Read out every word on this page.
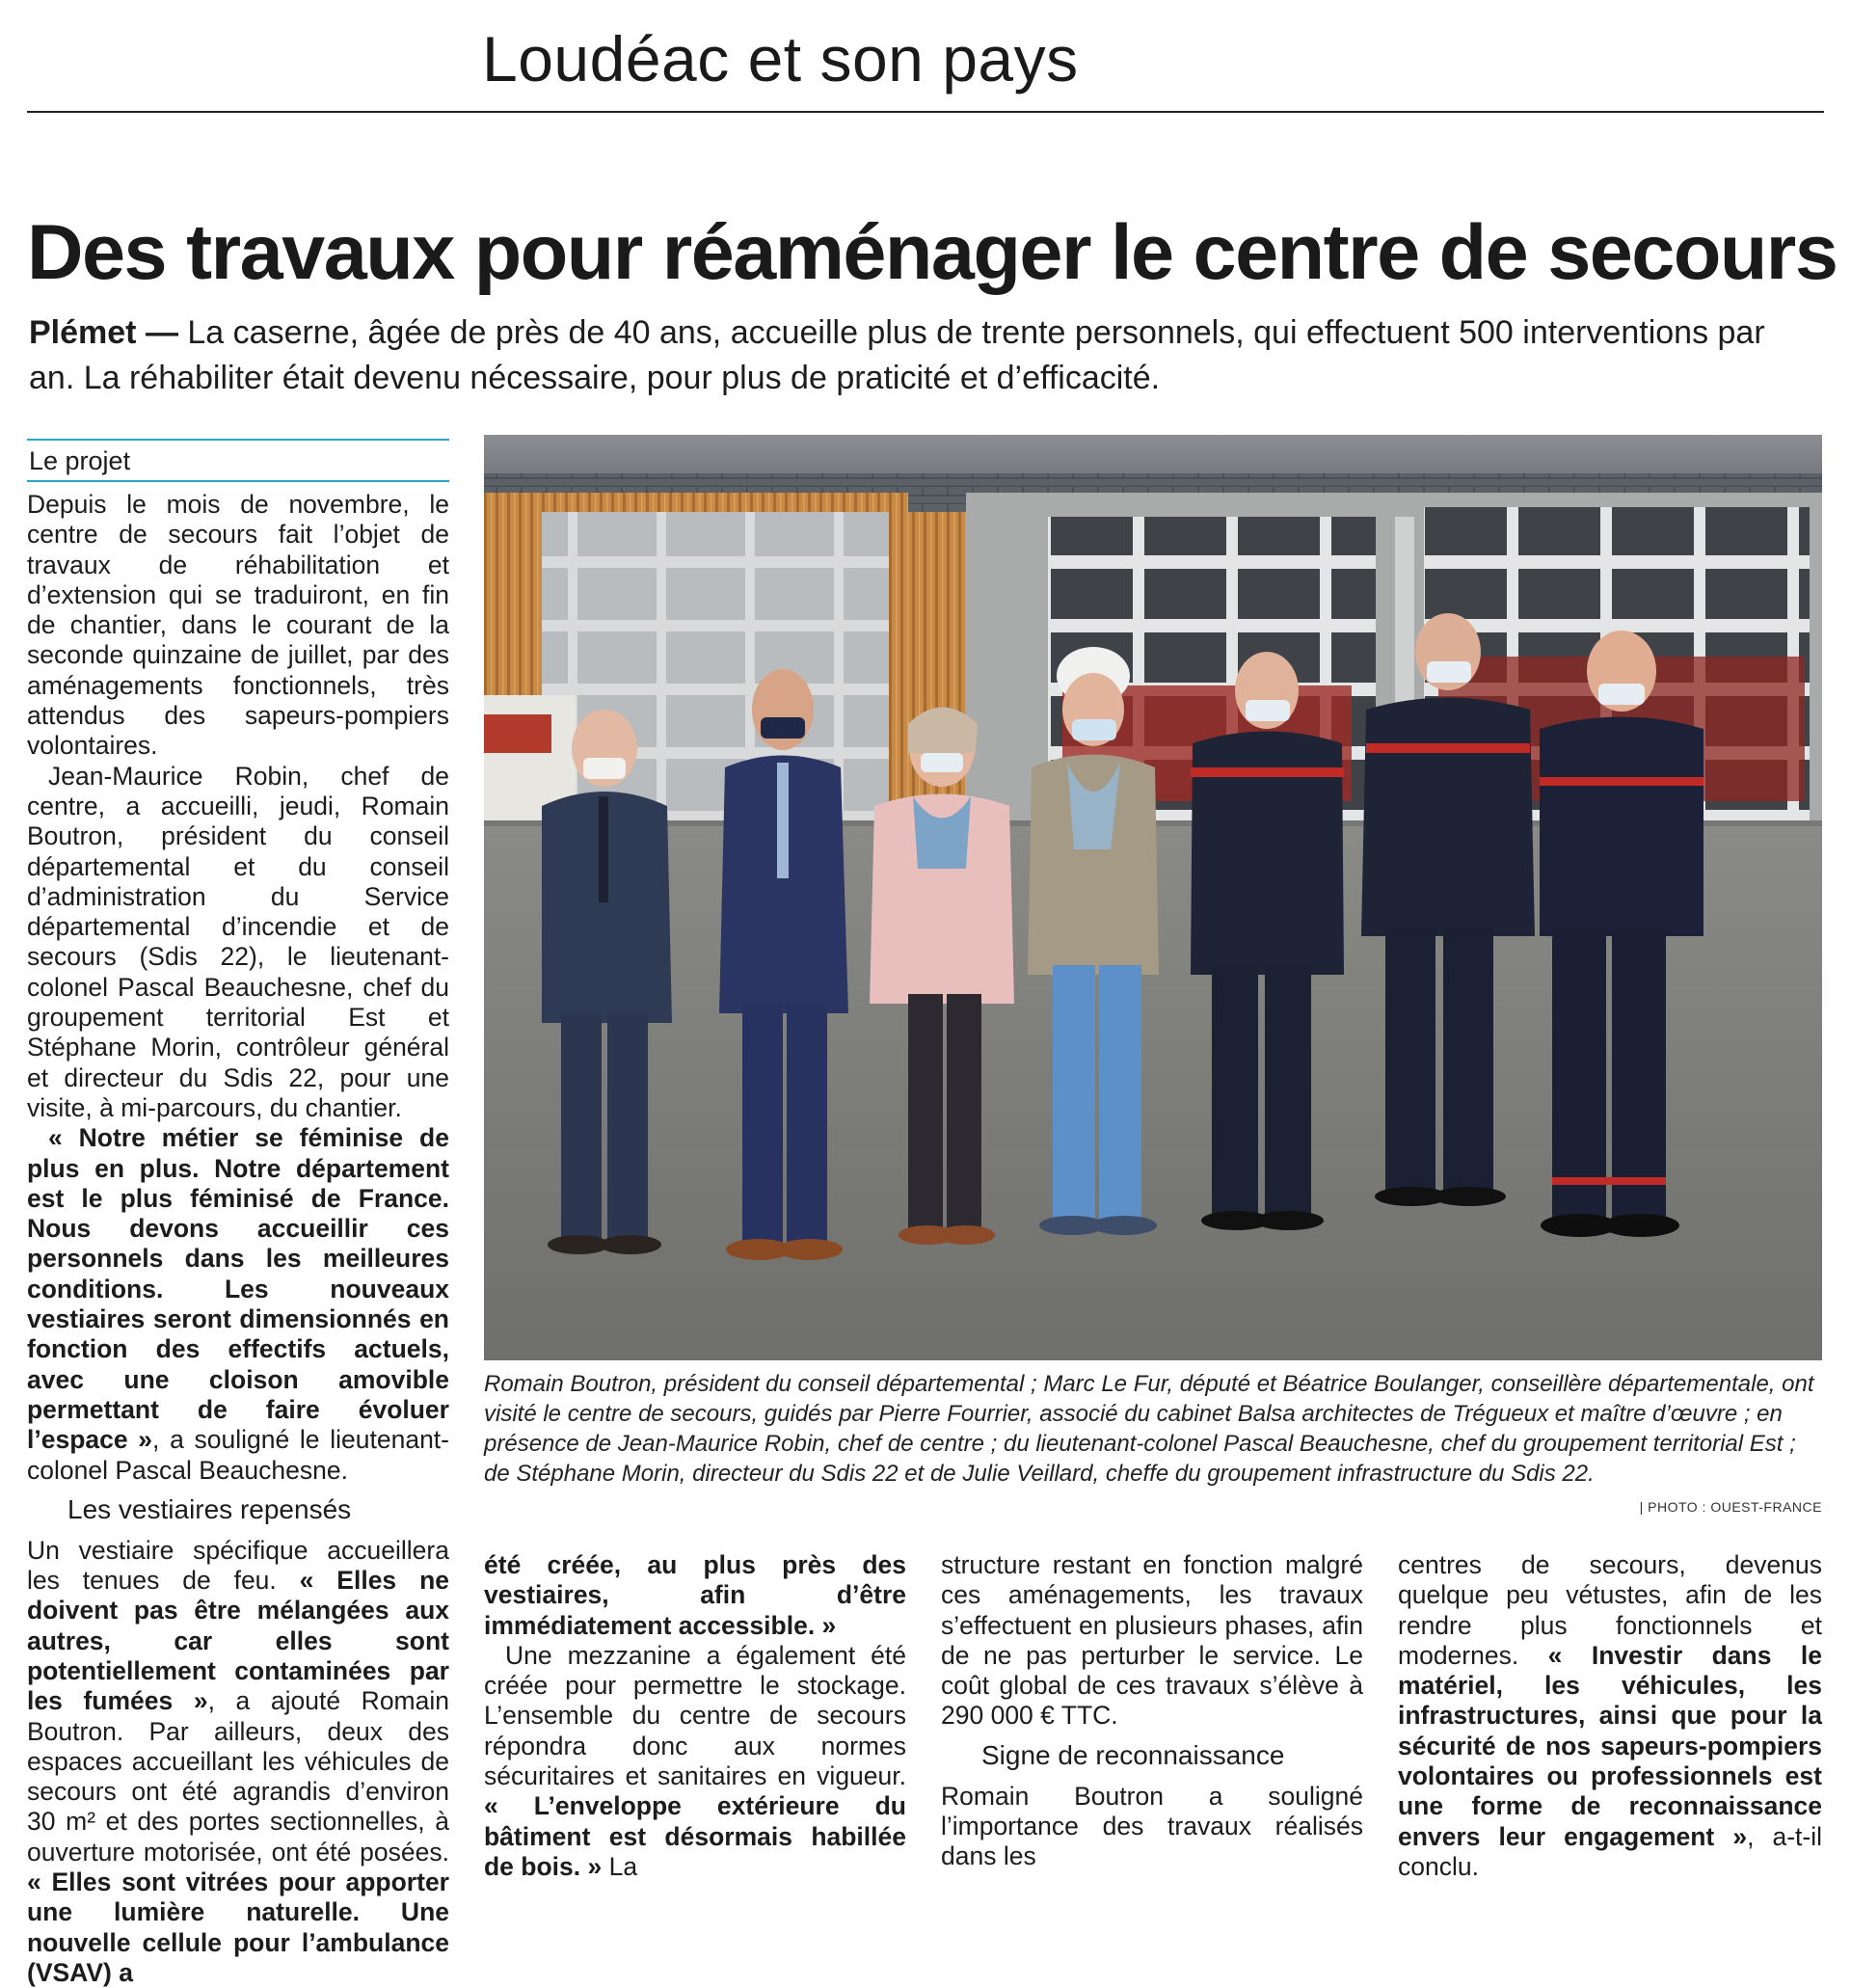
Loudéac et son pays
Des travaux pour réaménager le centre de secours
Plémet — La caserne, âgée de près de 40 ans, accueille plus de trente personnels, qui effectuent 500 interventions par an. La réhabiliter était devenu nécessaire, pour plus de praticité et d’efficacité.
Le projet

Depuis le mois de novembre, le centre de secours fait l’objet de travaux de réhabilitation et d’extension qui se traduiront, en fin de chantier, dans le courant de la seconde quinzaine de juillet, par des aménagements fonctionnels, très attendus des sapeurs-pompiers volontaires.

Jean-Maurice Robin, chef de centre, a accueilli, jeudi, Romain Boutron, président du conseil départemental et du conseil d’administration du Service départemental d’incendie et de secours (Sdis 22), le lieutenant-colonel Pascal Beauchesne, chef du groupement territorial Est et Stéphane Morin, contrôleur général et directeur du Sdis 22, pour une visite, à mi-parcours, du chantier.

« Notre métier se féminise de plus en plus. Notre département est le plus féminisé de France. Nous devons accueillir ces personnels dans les meilleures conditions. Les nouveaux vestiaires seront dimensionnés en fonction des effectifs actuels, avec une cloison amovible permettant de faire évoluer l’espace », a souligné le lieutenant-colonel Pascal Beauchesne.

Les vestiaires repensés

Un vestiaire spécifique accueillera les tenues de feu. « Elles ne doivent pas être mélangées aux autres, car elles sont potentiellement contaminées par les fumées », a ajouté Romain Boutron. Par ailleurs, deux des espaces accueillant les véhicules de secours ont été agrandis d’environ 30 m² et des portes sectionnelles, à ouverture motorisée, ont été posées. « Elles sont vitrées pour apporter une lumière naturelle. Une nouvelle cellule pour l’ambulance (VSAV) a

Romain Boutron, président du conseil départemental ; Marc Le Fur, député et Béatrice Boulanger, conseillère départementale, ont visité le centre de secours, guidés par Pierre Fourrier, associé du cabinet Balsa architectes de Trégueux et maître d’œuvre ; en présence de Jean-Maurice Robin, chef de centre ; du lieutenant-colonel Pascal Beauchesne, chef du groupement territorial Est ; de Stéphane Morin, directeur du Sdis 22 et de Julie Veillard, cheffe du groupement infrastructure du Sdis 22.
| PHOTO : OUEST-FRANCE

été créée, au plus près des vestiaires, afin d’être immédiatement accessible. »

Une mezzanine a également été créée pour permettre le stockage. L’ensemble du centre de secours répondra donc aux normes sécuritaires et sanitaires en vigueur. « L’enveloppe extérieure du bâtiment est désormais habillée de bois. » La

structure restant en fonction malgré ces aménagements, les travaux s’effectuent en plusieurs phases, afin de ne pas perturber le service. Le coût global de ces travaux s’élève à 290 000 € TTC.

Signe de reconnaissance

Romain Boutron a souligné l’importance des travaux réalisés dans les

centres de secours, devenus quelque peu vétustes, afin de les rendre plus fonctionnels et modernes. « Investir dans le matériel, les véhicules, les infrastructures, ainsi que pour la sécurité de nos sapeurs-pompiers volontaires ou professionnels est une forme de reconnaissance envers leur engagement », a-t-il conclu.
